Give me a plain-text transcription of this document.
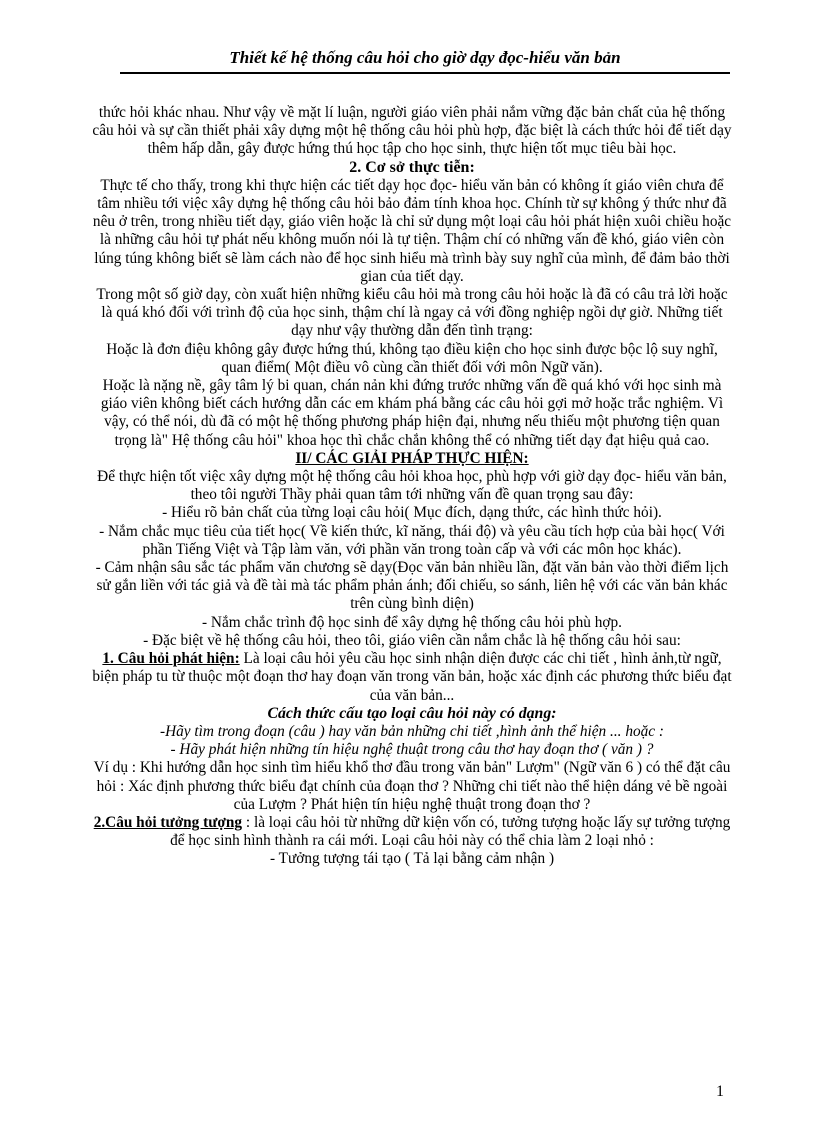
Thiết kế hệ thống câu hỏi cho giờ dạy đọc-hiểu văn bản

thức hỏi khác nhau. Như vậy về mặt lí luận, người giáo viên phải nắm vững đặc bản chất của hệ thống câu hỏi và sự cần thiết phải xây dựng một hệ thống câu hỏi phù hợp, đặc biệt là cách thức hỏi để tiết dạy thêm hấp dẫn, gây được hứng thú học tập cho học sinh, thực hiện tốt mục tiêu bài học.

2. Cơ sở thực tiễn:

Thực tế cho thấy, trong khi thực hiện các tiết dạy học đọc- hiểu văn bản có không ít giáo viên chưa để tâm nhiều tới việc xây dựng hệ thống câu hỏi bảo đảm tính khoa học. Chính từ sự không ý thức như đã nêu ở trên, trong nhiều tiết dạy, giáo viên hoặc là chỉ sử dụng một loại câu hỏi phát hiện xuôi chiều hoặc là những câu hỏi tự phát nếu không muốn nói là tự tiện. Thậm chí có những vấn đề khó, giáo viên còn lúng túng không biết sẽ làm cách nào để học sinh hiểu mà trình bày suy nghĩ của mình, để đảm bảo thời gian của tiết dạy.

Trong một số giờ dạy, còn xuất hiện những kiểu câu hỏi mà trong câu hỏi hoặc là đã có câu trả lời hoặc là quá khó đối với trình độ của học sinh, thậm chí là ngay cả với đồng nghiệp ngồi dự giờ. Những tiết dạy như vậy thường dẫn đến tình trạng:

Hoặc là đơn điệu không gây được hứng thú, không tạo điều kiện cho học sinh được bộc lộ suy nghĩ, quan điểm( Một điều vô cùng cần thiết đối với môn Ngữ văn).

Hoặc là nặng nề, gây tâm lý bi quan, chán nản khi đứng trước những vấn đề quá khó với học sinh mà giáo viên không biết cách hướng dẫn các em khám phá bằng các câu hỏi gợi mở hoặc trắc nghiệm. Vì vậy, có thể nói, dù đã có một hệ thống phương pháp hiện đại, nhưng nếu thiếu một phương tiện quan trọng là" Hệ thống câu hỏi" khoa học thì chắc chắn không thể có những tiết dạy đạt hiệu quả cao.

II/ CÁC GIẢI PHÁP THỰC HIỆN:

Để thực hiện tốt việc xây dựng một hệ thống câu hỏi khoa học, phù hợp với giờ dạy đọc- hiểu văn bản, theo tôi người Thầy phải quan tâm tới những vấn đề quan trọng sau đây:

- Hiểu rõ bản chất của từng loại câu hỏi( Mục đích, dạng thức, các hình thức hỏi).

- Nắm chắc mục tiêu của tiết học( Về kiến thức, kĩ năng, thái độ) và yêu cầu tích hợp của bài học( Với phần Tiếng Việt và Tập làm văn, với phần văn trong toàn cấp và với các môn học khác).

- Cảm nhận sâu sắc tác phẩm văn chương sẽ dạy(Đọc văn bản nhiều lần, đặt văn bản vào thời điểm lịch sử gắn liền với tác giả và đề tài mà tác phẩm phản ánh; đối chiếu, so sánh, liên hệ với các văn bản khác trên cùng bình diện)

- Nắm chắc trình độ học sinh để xây dựng hệ thống câu hỏi phù hợp.

- Đặc biệt về hệ thống câu hỏi, theo tôi, giáo viên cần nắm chắc là hệ thống câu hỏi sau:

1. Câu hỏi phát hiện: Là loại câu hỏi yêu cầu học sinh nhận diện được các chi tiết , hình ảnh,từ ngữ, biện pháp tu từ thuộc một đoạn thơ hay đoạn văn trong văn bản, hoặc xác định các phương thức biểu đạt của văn bản...

Cách thức cấu tạo loại câu hỏi này có dạng:

-Hãy tìm trong đoạn (câu ) hay văn bản những chi tiết ,hình ảnh thể hiện ... hoặc :

- Hãy phát hiện những tín hiệu nghệ thuật trong câu thơ hay đoạn thơ ( văn ) ?

Ví dụ : Khi hướng dẫn học sinh tìm hiểu khổ thơ đầu trong văn bản" Lượm" (Ngữ văn 6 ) có thể đặt câu hỏi : Xác định phương thức biểu đạt chính của đoạn thơ ? Những chi tiết nào thể hiện dáng vẻ bề ngoài của Lượm ? Phát hiện tín hiệu nghệ thuật trong đoạn thơ ?

2.Câu hỏi tưởng tượng : là loại câu hỏi từ những dữ kiện vốn có, tưởng tượng hoặc lấy sự tưởng tượng để học sinh hình thành ra cái mới. Loại câu hỏi này có thể chia làm 2 loại nhỏ :

- Tưởng tượng tái tạo ( Tả lại bằng cảm nhận )

1
